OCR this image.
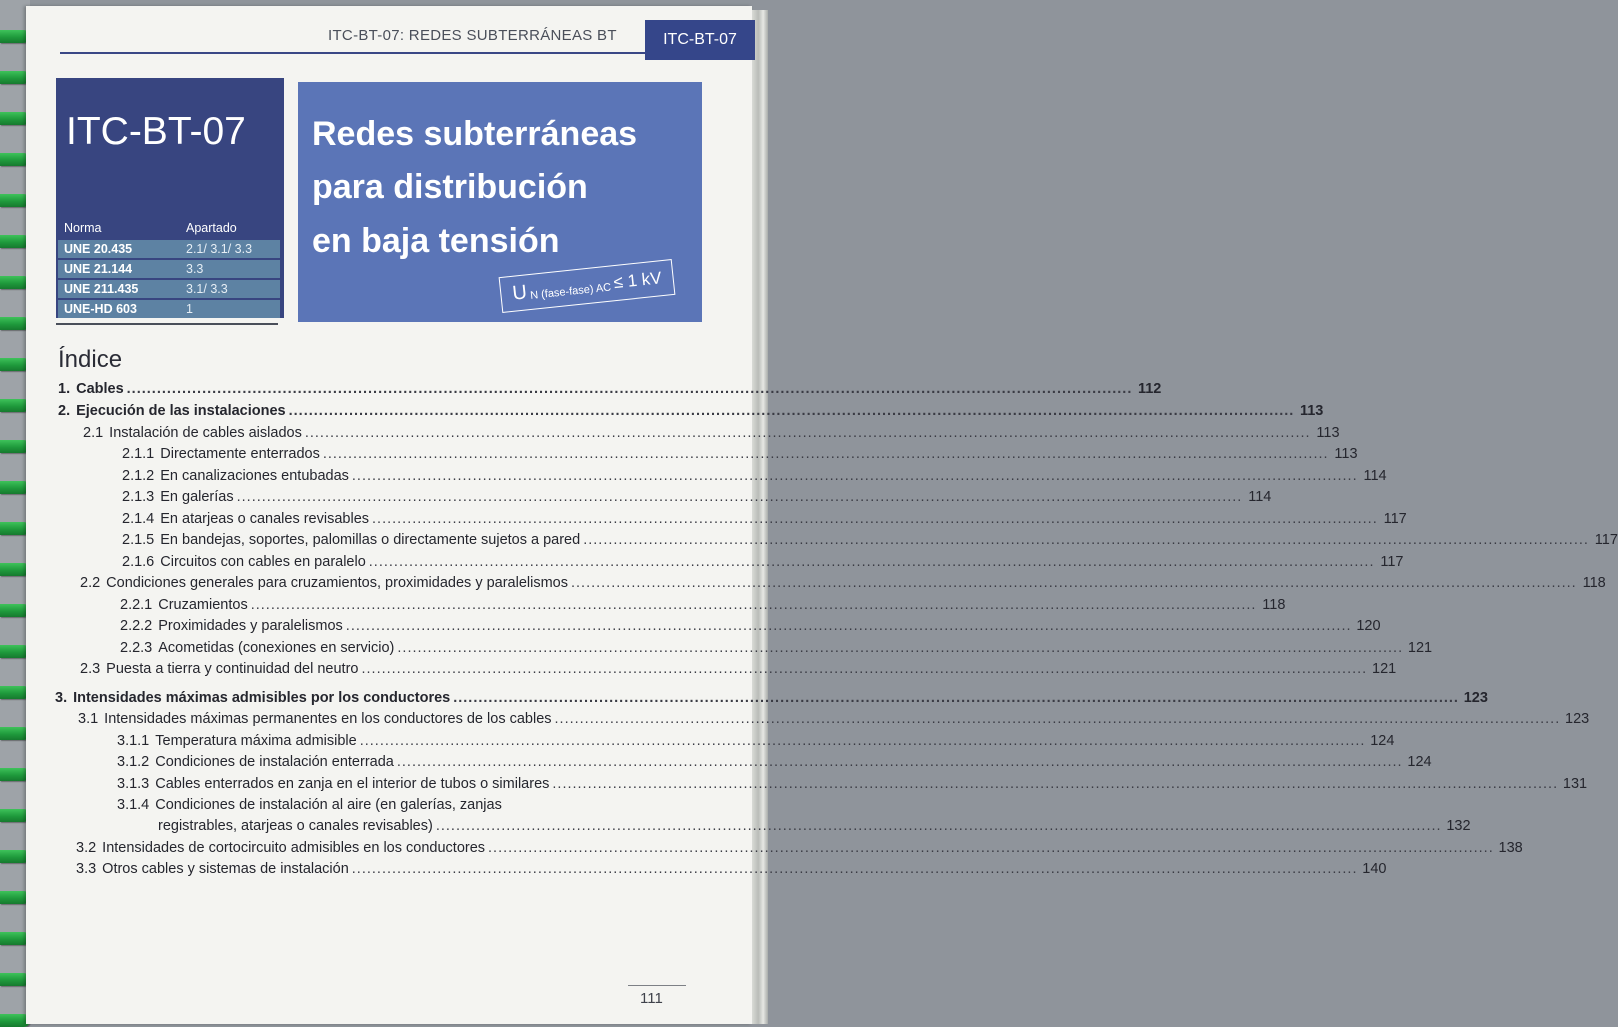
ITC-BT-07: REDES SUBTERRÁNEAS BT	ITC-BT-07
ITC-BT-07
Norma	Apartado
UNE 20.435	2.1/ 3.1/ 3.3
UNE 21.144	3.3
UNE 211.435	3.1/ 3.3
UNE-HD 603	1
Redes subterráneas
para distribución
en baja tensión
U N (fase-fase) AC ≤ 1 kV
Índice
1. Cables ........................................................................................................................................................................................................ 112
2. Ejecución de las instalaciones ........................................................................................................................................................................................................ 113
2.1 Instalación de cables aislados ........................................................................................................................................................................................................ 113
2.1.1 Directamente enterrados ........................................................................................................................................................................................................ 113
2.1.2 En canalizaciones entubadas ........................................................................................................................................................................................................ 114
2.1.3 En galerías ........................................................................................................................................................................................................ 114
2.1.4 En atarjeas o canales revisables ........................................................................................................................................................................................................ 117
2.1.5 En bandejas, soportes, palomillas o directamente sujetos a pared ........................................................................................................................................................................................................ 117
2.1.6 Circuitos con cables en paralelo ........................................................................................................................................................................................................ 117
2.2 Condiciones generales para cruzamientos, proximidades y paralelismos ........................................................................................................................................................................................................ 118
2.2.1 Cruzamientos ........................................................................................................................................................................................................ 118
2.2.2 Proximidades y paralelismos ........................................................................................................................................................................................................ 120
2.2.3 Acometidas (conexiones en servicio) ........................................................................................................................................................................................................ 121
2.3 Puesta a tierra y continuidad del neutro ........................................................................................................................................................................................................ 121
3. Intensidades máximas admisibles por los conductores ........................................................................................................................................................................................................ 123
3.1 Intensidades máximas permanentes en los conductores de los cables ........................................................................................................................................................................................................ 123
3.1.1 Temperatura máxima admisible ........................................................................................................................................................................................................ 124
3.1.2 Condiciones de instalación enterrada ........................................................................................................................................................................................................ 124
3.1.3 Cables enterrados en zanja en el interior de tubos o similares ........................................................................................................................................................................................................ 131
3.1.4 Condiciones de instalación al aire (en galerías, zanjas
registrables, atarjeas o canales revisables) ........................................................................................................................................................................................................ 132
3.2 Intensidades de cortocircuito admisibles en los conductores ........................................................................................................................................................................................................ 138
3.3 Otros cables y sistemas de instalación ........................................................................................................................................................................................................ 140
111
